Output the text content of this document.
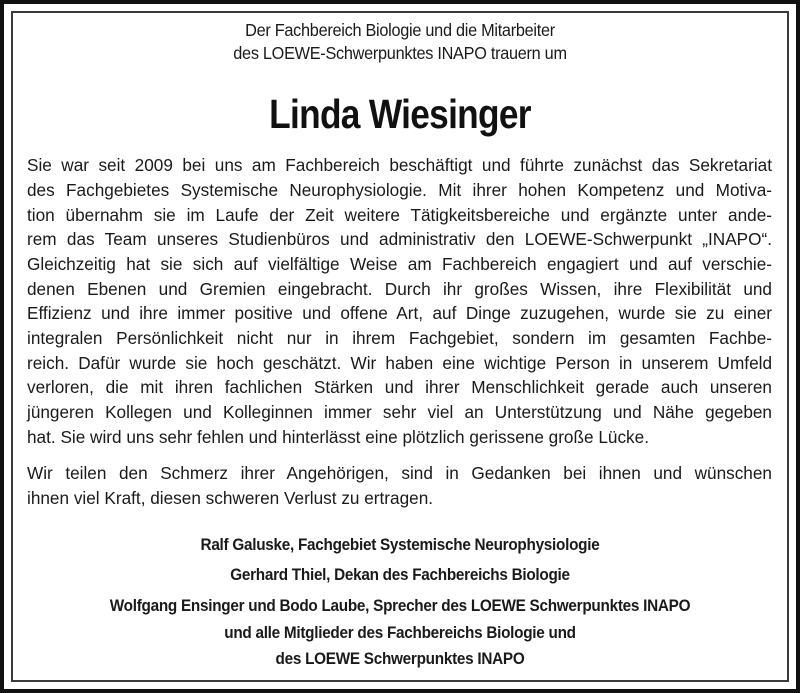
Der Fachbereich Biologie und die Mitarbeiter
des LOEWE-Schwerpunktes INAPO trauern um
Linda Wiesinger
Sie war seit 2009 bei uns am Fachbereich beschäftigt und führte zunächst das Sekretariat
des Fachgebietes Systemische Neurophysiologie. Mit ihrer hohen Kompetenz und Motiva-
tion übernahm sie im Laufe der Zeit weitere Tätigkeitsbereiche und ergänzte unter ande-
rem das Team unseres Studienbüros und administrativ den LOEWE-Schwerpunkt „INAPO“.
Gleichzeitig hat sie sich auf vielfältige Weise am Fachbereich engagiert und auf verschie-
denen Ebenen und Gremien eingebracht. Durch ihr großes Wissen, ihre Flexibilität und
Effizienz und ihre immer positive und offene Art, auf Dinge zuzugehen, wurde sie zu einer
integralen Persönlichkeit nicht nur in ihrem Fachgebiet, sondern im gesamten Fachbe-
reich. Dafür wurde sie hoch geschätzt. Wir haben eine wichtige Person in unserem Umfeld
verloren, die mit ihren fachlichen Stärken und ihrer Menschlichkeit gerade auch unseren
jüngeren Kollegen und Kolleginnen immer sehr viel an Unterstützung und Nähe gegeben
hat. Sie wird uns sehr fehlen und hinterlässt eine plötzlich gerissene große Lücke.
Wir teilen den Schmerz ihrer Angehörigen, sind in Gedanken bei ihnen und wünschen
ihnen viel Kraft, diesen schweren Verlust zu ertragen.
Ralf Galuske, Fachgebiet Systemische Neurophysiologie
Gerhard Thiel, Dekan des Fachbereichs Biologie
Wolfgang Ensinger und Bodo Laube, Sprecher des LOEWE Schwerpunktes INAPO
und alle Mitglieder des Fachbereichs Biologie und
des LOEWE Schwerpunktes INAPO
